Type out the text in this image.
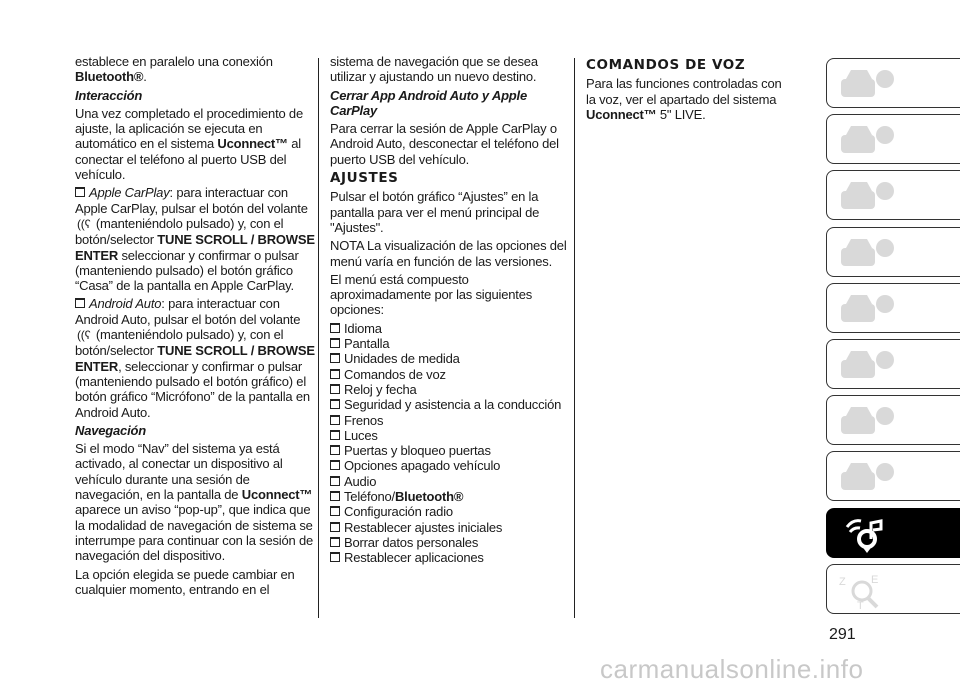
establece en paralelo una conexión Bluetooth®.

Interacción

Una vez completado el procedimiento de ajuste, la aplicación se ejecuta en automático en el sistema Uconnect™ al conectar el teléfono al puerto USB del vehículo.

Apple CarPlay: para interactuar con Apple CarPlay, pulsar el botón del volante ((ʕ (manteniéndolo pulsado) y, con el botón/selector TUNE SCROLL / BROWSE ENTER seleccionar y confirmar o pulsar (manteniendo pulsado) el botón gráfico “Casa” de la pantalla en Apple CarPlay.

Android Auto: para interactuar con Android Auto, pulsar el botón del volante ((ʕ (manteniéndolo pulsado) y, con el botón/selector TUNE SCROLL / BROWSE ENTER, seleccionar y confirmar o pulsar (manteniendo pulsado el botón gráfico) el botón gráfico “Micrófono” de la pantalla en Android Auto.

Navegación

Si el modo “Nav” del sistema ya está activado, al conectar un dispositivo al vehículo durante una sesión de navegación, en la pantalla de Uconnect™ aparece un aviso “pop-up”, que indica que la modalidad de navegación de sistema se interrumpe para continuar con la sesión de navegación del dispositivo.

La opción elegida se puede cambiar en cualquier momento, entrando en el

sistema de navegación que se desea utilizar y ajustando un nuevo destino.

Cerrar App Android Auto y Apple CarPlay

Para cerrar la sesión de Apple CarPlay o Android Auto, desconectar el teléfono del puerto USB del vehículo.

AJUSTES

Pulsar el botón gráfico “Ajustes” en la pantalla para ver el menú principal de "Ajustes".

NOTA La visualización de las opciones del menú varía en función de las versiones.

El menú está compuesto aproximadamente por las siguientes opciones:

Idioma
Pantalla
Unidades de medida
Comandos de voz
Reloj y fecha
Seguridad y asistencia a la conducción
Frenos
Luces
Puertas y bloqueo puertas
Opciones apagado vehículo
Audio
Teléfono/Bluetooth®
Configuración radio
Restablecer ajustes iniciales
Borrar datos personales
Restablecer aplicaciones

COMANDOS DE VOZ

Para las funciones controladas con la voz, ver el apartado del sistema Uconnect™ 5" LIVE.

Z E
T
291
carmanualsonline.info
